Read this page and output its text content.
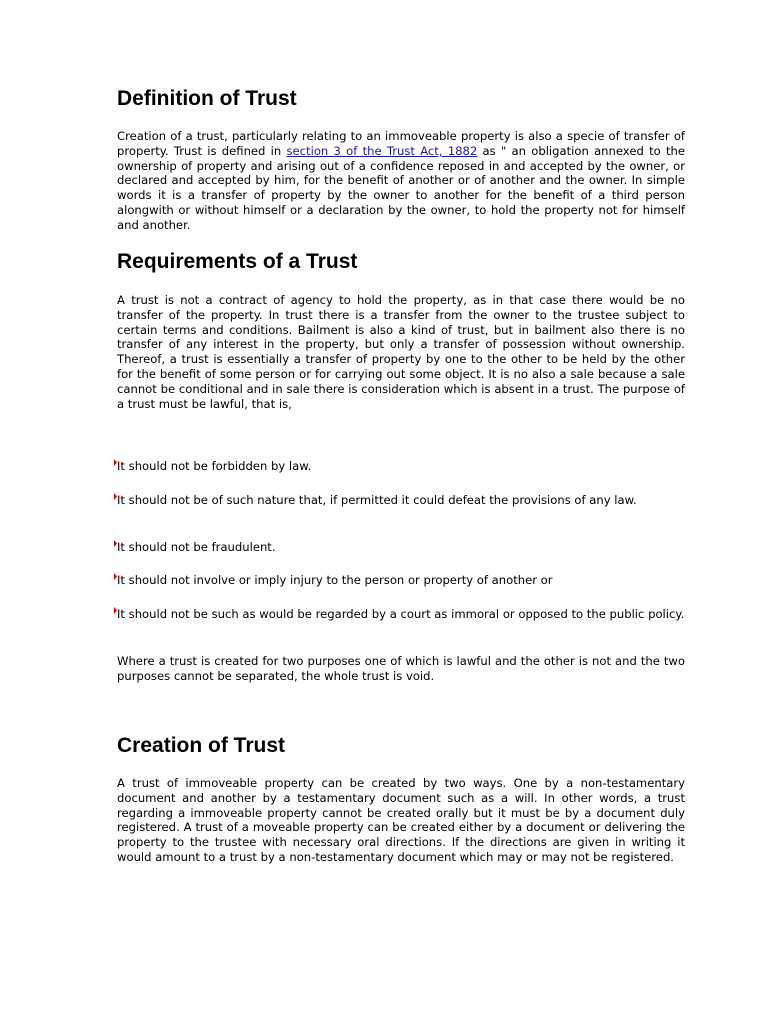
Definition of Trust

Creation of a trust, particularly relating to an immoveable property is also a specie of transfer of property. Trust is defined in section 3 of the Trust Act, 1882 as " an obligation annexed to the ownership of property and arising out of a confidence reposed in and accepted by the owner, or declared and accepted by him, for the benefit of another or of another and the owner. In simple words it is a transfer of property by the owner to another for the benefit of a third person alongwith or without himself or a declaration by the owner, to hold the property not for himself and another.

Requirements of a Trust

A trust is not a contract of agency to hold the property, as in that case there would be no transfer of the property. In trust there is a transfer from the owner to the trustee subject to certain terms and conditions. Bailment is also a kind of trust, but in bailment also there is no transfer of any interest in the property, but only a transfer of possession without ownership. Thereof, a trust is essentially a transfer of property by one to the other to be held by the other for the benefit of some person or for carrying out some object. It is no also a sale because a sale cannot be conditional and in sale there is consideration which is absent in a trust. The purpose of a trust must be lawful, that is,

It should not be forbidden by law.
It should not be of such nature that, if permitted it could defeat the provisions of any law.
It should not be fraudulent.
It should not involve or imply injury to the person or property of another or
It should not be such as would be regarded by a court as immoral or opposed to the public policy.

Where a trust is created for two purposes one of which is lawful and the other is not and the two purposes cannot be separated, the whole trust is void.

Creation of Trust

A trust of immoveable property can be created by two ways. One by a non-testamentary document and another by a testamentary document such as a will. In other words, a trust regarding a immoveable property cannot be created orally but it must be by a document duly registered. A trust of a moveable property can be created either by a document or delivering the property to the trustee with necessary oral directions. If the directions are given in writing it would amount to a trust by a non-testamentary document which may or may not be registered.
